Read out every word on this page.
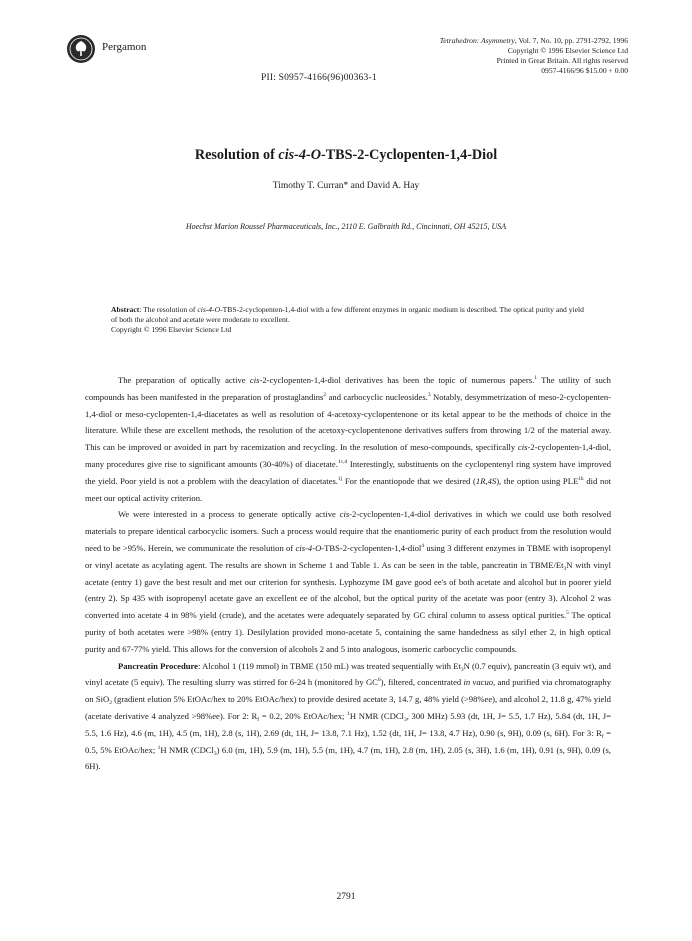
Pergamon
Tetrahedron: Asymmetry, Vol. 7, No. 10, pp. 2791-2792, 1996
Copyright © 1996 Elsevier Science Ltd
Printed in Great Britain. All rights reserved
0957-4166/96 $15.00 + 0.00
PII: S0957-4166(96)00363-1
Resolution of cis-4-O-TBS-2-Cyclopenten-1,4-Diol
Timothy T. Curran* and David A. Hay
Hoechst Marion Roussel Pharmaceuticals, Inc., 2110 E. Galbraith Rd., Cincinnati, OH 45215, USA
Abstract: The resolution of cis-4-O-TBS-2-cyclopenten-1,4-diol with a few different enzymes in organic medium is described. The optical purity and yield of both the alcohol and acetate were moderate to excellent.
Copyright © 1996 Elsevier Science Ltd

The preparation of optically active cis-2-cyclopenten-1,4-diol derivatives has been the topic of numerous papers.$^1$ The utility of such compounds has been manifested in the preparation of prostaglandins$^2$ and carbocyclic nucleosides.$^3$ Notably, desymmetrization of meso-2-cyclopenten-1,4-diol or meso-cyclopenten-1,4-diacetates as well as resolution of 4-acetoxy-cyclopentenone or its ketal appear to be the methods of choice in the literature. While these are excellent methods, the resolution of the acetoxy-cyclopentenone derivatives suffers from throwing 1/2 of the material away. This can be improved or avoided in part by racemization and recycling. In the resolution of meso-compounds, specifically cis-2-cyclopenten-1,4-diol, many procedures give rise to significant amounts (30-40%) of diacetate.$^{1c,d}$ Interestingly, substituents on the cyclopentenyl ring system have improved the yield. Poor yield is not a problem with the deacylation of diacetates.$^{1j}$ For the enantiopode that we desired (1R,4S), the option using $PLE^{1k}$ did not meet our optical activity criterion.

We were interested in a process to generate optically active cis-2-cyclopenten-1,4-diol derivatives in which we could use both resolved materials to prepare identical carbocyclic isomers. Such a process would require that the enantiomeric purity of each product from the resolution would need to be >95%. Herein, we communicate the resolution of cis-4-O-TBS-2-cyclopenten-1,4-diol$^4$ using 3 different enzymes in TBME with isopropenyl or vinyl acetate as acylating agent. The results are shown in Scheme 1 and Table 1. As can be seen in the table, pancreatin in TBME/$Et_3N$ with vinyl acetate (entry 1) gave the best result and met our criterion for synthesis. Lyphozyme IM gave good ee's of both acetate and alcohol but in poorer yield (entry 2). Sp 435 with isopropenyl acetate gave an excellent ee of the alcohol, but the optical purity of the acetate was poor (entry 3). Alcohol 2 was converted into acetate 4 in 98% yield (crude), and the acetates were adequately separated by GC chiral column to assess optical purities.$^5$ The optical purity of both acetates were >98% (entry 1). Desilylation provided mono-acetate 5, containing the same handedness as silyl ether 2, in high optical purity and 67-77% yield. This allows for the conversion of alcohols 2 and 5 into analogous, isomeric carbocyclic compounds.

Pancreatin Procedure: Alcohol 1 (119 mmol) in TBME (150 mL) was treated sequentially with $Et_3N$ (0.7 equiv), pancreatin (3 equiv wt), and vinyl acetate (5 equiv). The resulting slurry was stirred for 6-24 h (monitored by $GC^6$), filtered, concentrated in vacuo, and purified via chromatography on SiO$_2$ (gradient elution 5% EtOAc/hex to 20% EtOAc/hex) to provide desired acetate 3, 14.7 g, 48% yield (>98%ee), and alcohol 2, 11.8 g, 47% yield (acetate derivative 4 analyzed >98%ee). For 2: $R_f = 0.2$, 20% EtOAc/hex; $^1$H NMR (CDCl$_3$, 300 MHz) 5.93 (dt, 1H, J= 5.5, 1.7 Hz), 5.84 (dt, 1H, J= 5.5, 1.6 Hz), 4.6 (m, 1H), 4.5 (m, 1H), 2.8 (s, 1H), 2.69 (dt, 1H, J= 13.8, 7.1 Hz), 1.52 (dt, 1H, J= 13.8, 4.7 Hz), 0.90 (s, 9H), 0.09 (s, 6H). For 3: $R_f = 0.5$, 5% EtOAc/hex; $^1$H NMR (CDCl$_3$) 6.0 (m, 1H), 5.9 (m, 1H), 5.5 (m, 1H), 4.7 (m, 1H), 2.8 (m, 1H), 2.05 (s, 3H), 1.6 (m, 1H), 0.91 (s, 9H), 0.09 (s, 6H).

2791
